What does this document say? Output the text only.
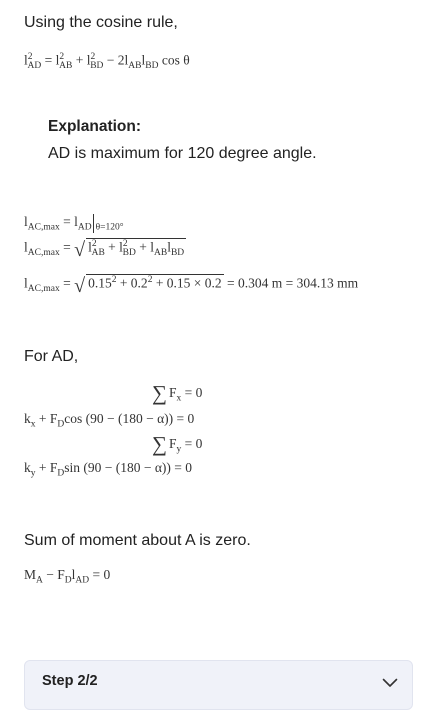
Using the cosine rule,
$l^2_{AD} = l^2_{AB} + l^2_{BD} - 2l_{AB}l_{BD}$ cos θ
Explanation:
AD is maximum for 120 degree angle.
$l_{AC,max} = l_{AD}$ $_{\theta=120^\circ}$
$l_{AC,max}$ = √ $l^2_{AB} + l^2_{BD} + l_{AB}l_{BD}$
$l_{AC,max}$ = √ $0.15^2 + 0.2^2 + 0.15 \times 0.2 = 0.304$ m = 304.13 mm
For AD,
∑ $F_x = 0$
$k_x + F_D\cos$ (90 − (180 − α)) = 0
∑ $F_y = 0$
$k_y + F_D\sin$ (90 − (180 − α)) = 0
Sum of moment about A is zero.
$M_A - F_Dl_{AD} = 0$
Step 2/2
